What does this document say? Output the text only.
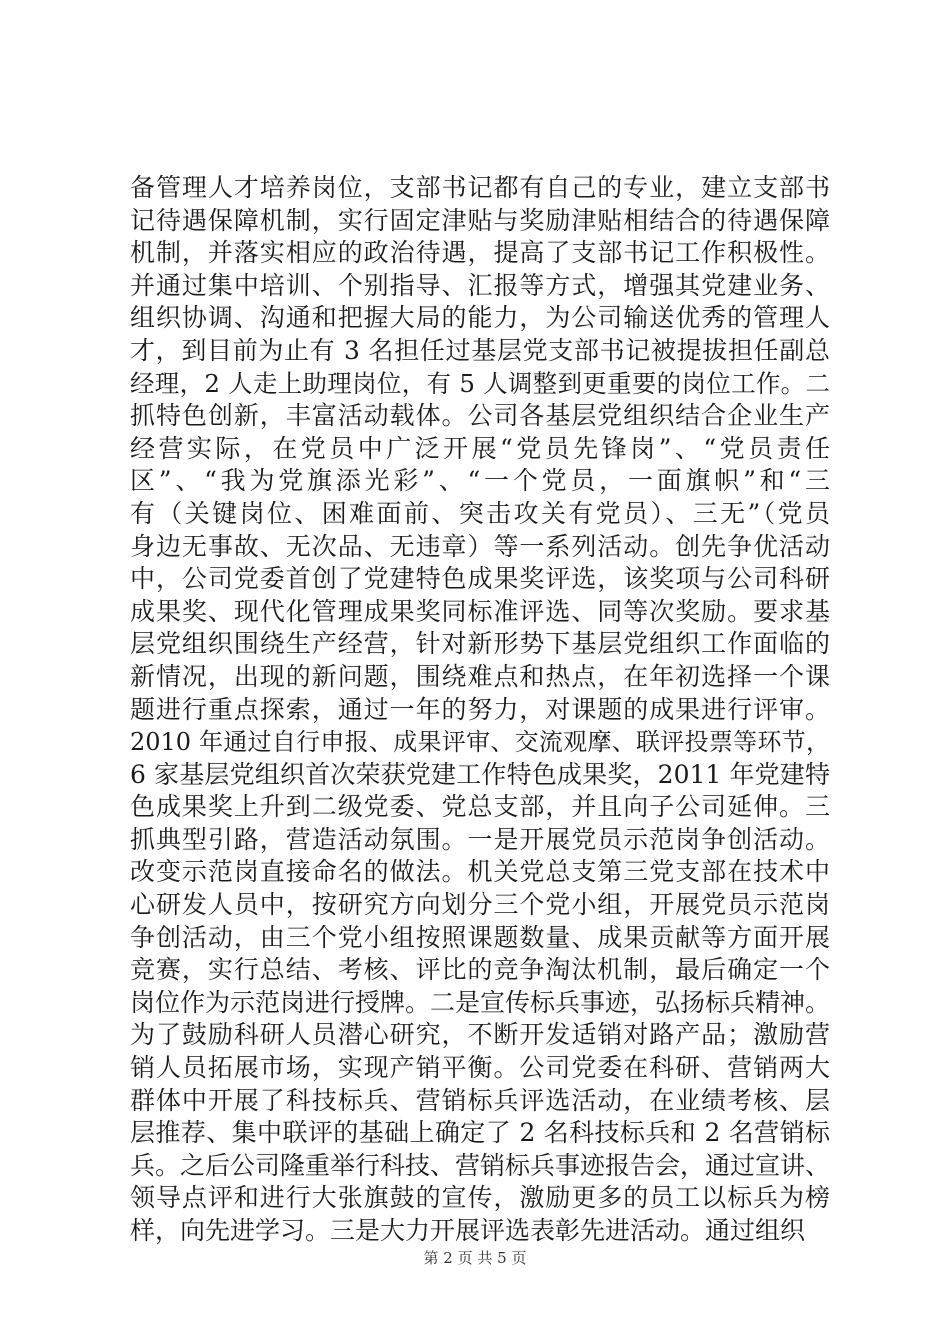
备管理人才培养岗位，支部书记都有自己的专业，建立支部书
记待遇保障机制，实行固定津贴与奖励津贴相结合的待遇保障
机制，并落实相应的政治待遇，提高了支部书记工作积极性。
并通过集中培训、个别指导、汇报等方式，增强其党建业务、
组织协调、沟通和把握大局的能力，为公司输送优秀的管理人
才，到目前为止有 3 名担任过基层党支部书记被提拔担任副总
经理，2 人走上助理岗位，有 5 人调整到更重要的岗位工作。二
抓特色创新，丰富活动载体。公司各基层党组织结合企业生产
经营实际，在党员中广泛开展“党员先锋岗”、“党员责任
区”、“我为党旗添光彩”、“一个党员，一面旗帜”和“三
有（关键岗位、困难面前、突击攻关有党员）、三无”（党员
身边无事故、无次品、无违章）等一系列活动。创先争优活动
中，公司党委首创了党建特色成果奖评选，该奖项与公司科研
成果奖、现代化管理成果奖同标准评选、同等次奖励。要求基
层党组织围绕生产经营，针对新形势下基层党组织工作面临的
新情况，出现的新问题，围绕难点和热点，在年初选择一个课
题进行重点探索，通过一年的努力，对课题的成果进行评审。
2010 年通过自行申报、成果评审、交流观摩、联评投票等环节，
6 家基层党组织首次荣获党建工作特色成果奖，2011 年党建特
色成果奖上升到二级党委、党总支部，并且向子公司延伸。三
抓典型引路，营造活动氛围。一是开展党员示范岗争创活动。
改变示范岗直接命名的做法。机关党总支第三党支部在技术中
心研发人员中，按研究方向划分三个党小组，开展党员示范岗
争创活动，由三个党小组按照课题数量、成果贡献等方面开展
竞赛，实行总结、考核、评比的竞争淘汰机制，最后确定一个
岗位作为示范岗进行授牌。二是宣传标兵事迹，弘扬标兵精神。
为了鼓励科研人员潜心研究，不断开发适销对路产品；激励营
销人员拓展市场，实现产销平衡。公司党委在科研、营销两大
群体中开展了科技标兵、营销标兵评选活动，在业绩考核、层
层推荐、集中联评的基础上确定了 2 名科技标兵和 2 名营销标
兵。之后公司隆重举行科技、营销标兵事迹报告会，通过宣讲、
领导点评和进行大张旗鼓的宣传，激励更多的员工以标兵为榜
样，向先进学习。三是大力开展评选表彰先进活动。通过组织
第 2 页 共 5 页
